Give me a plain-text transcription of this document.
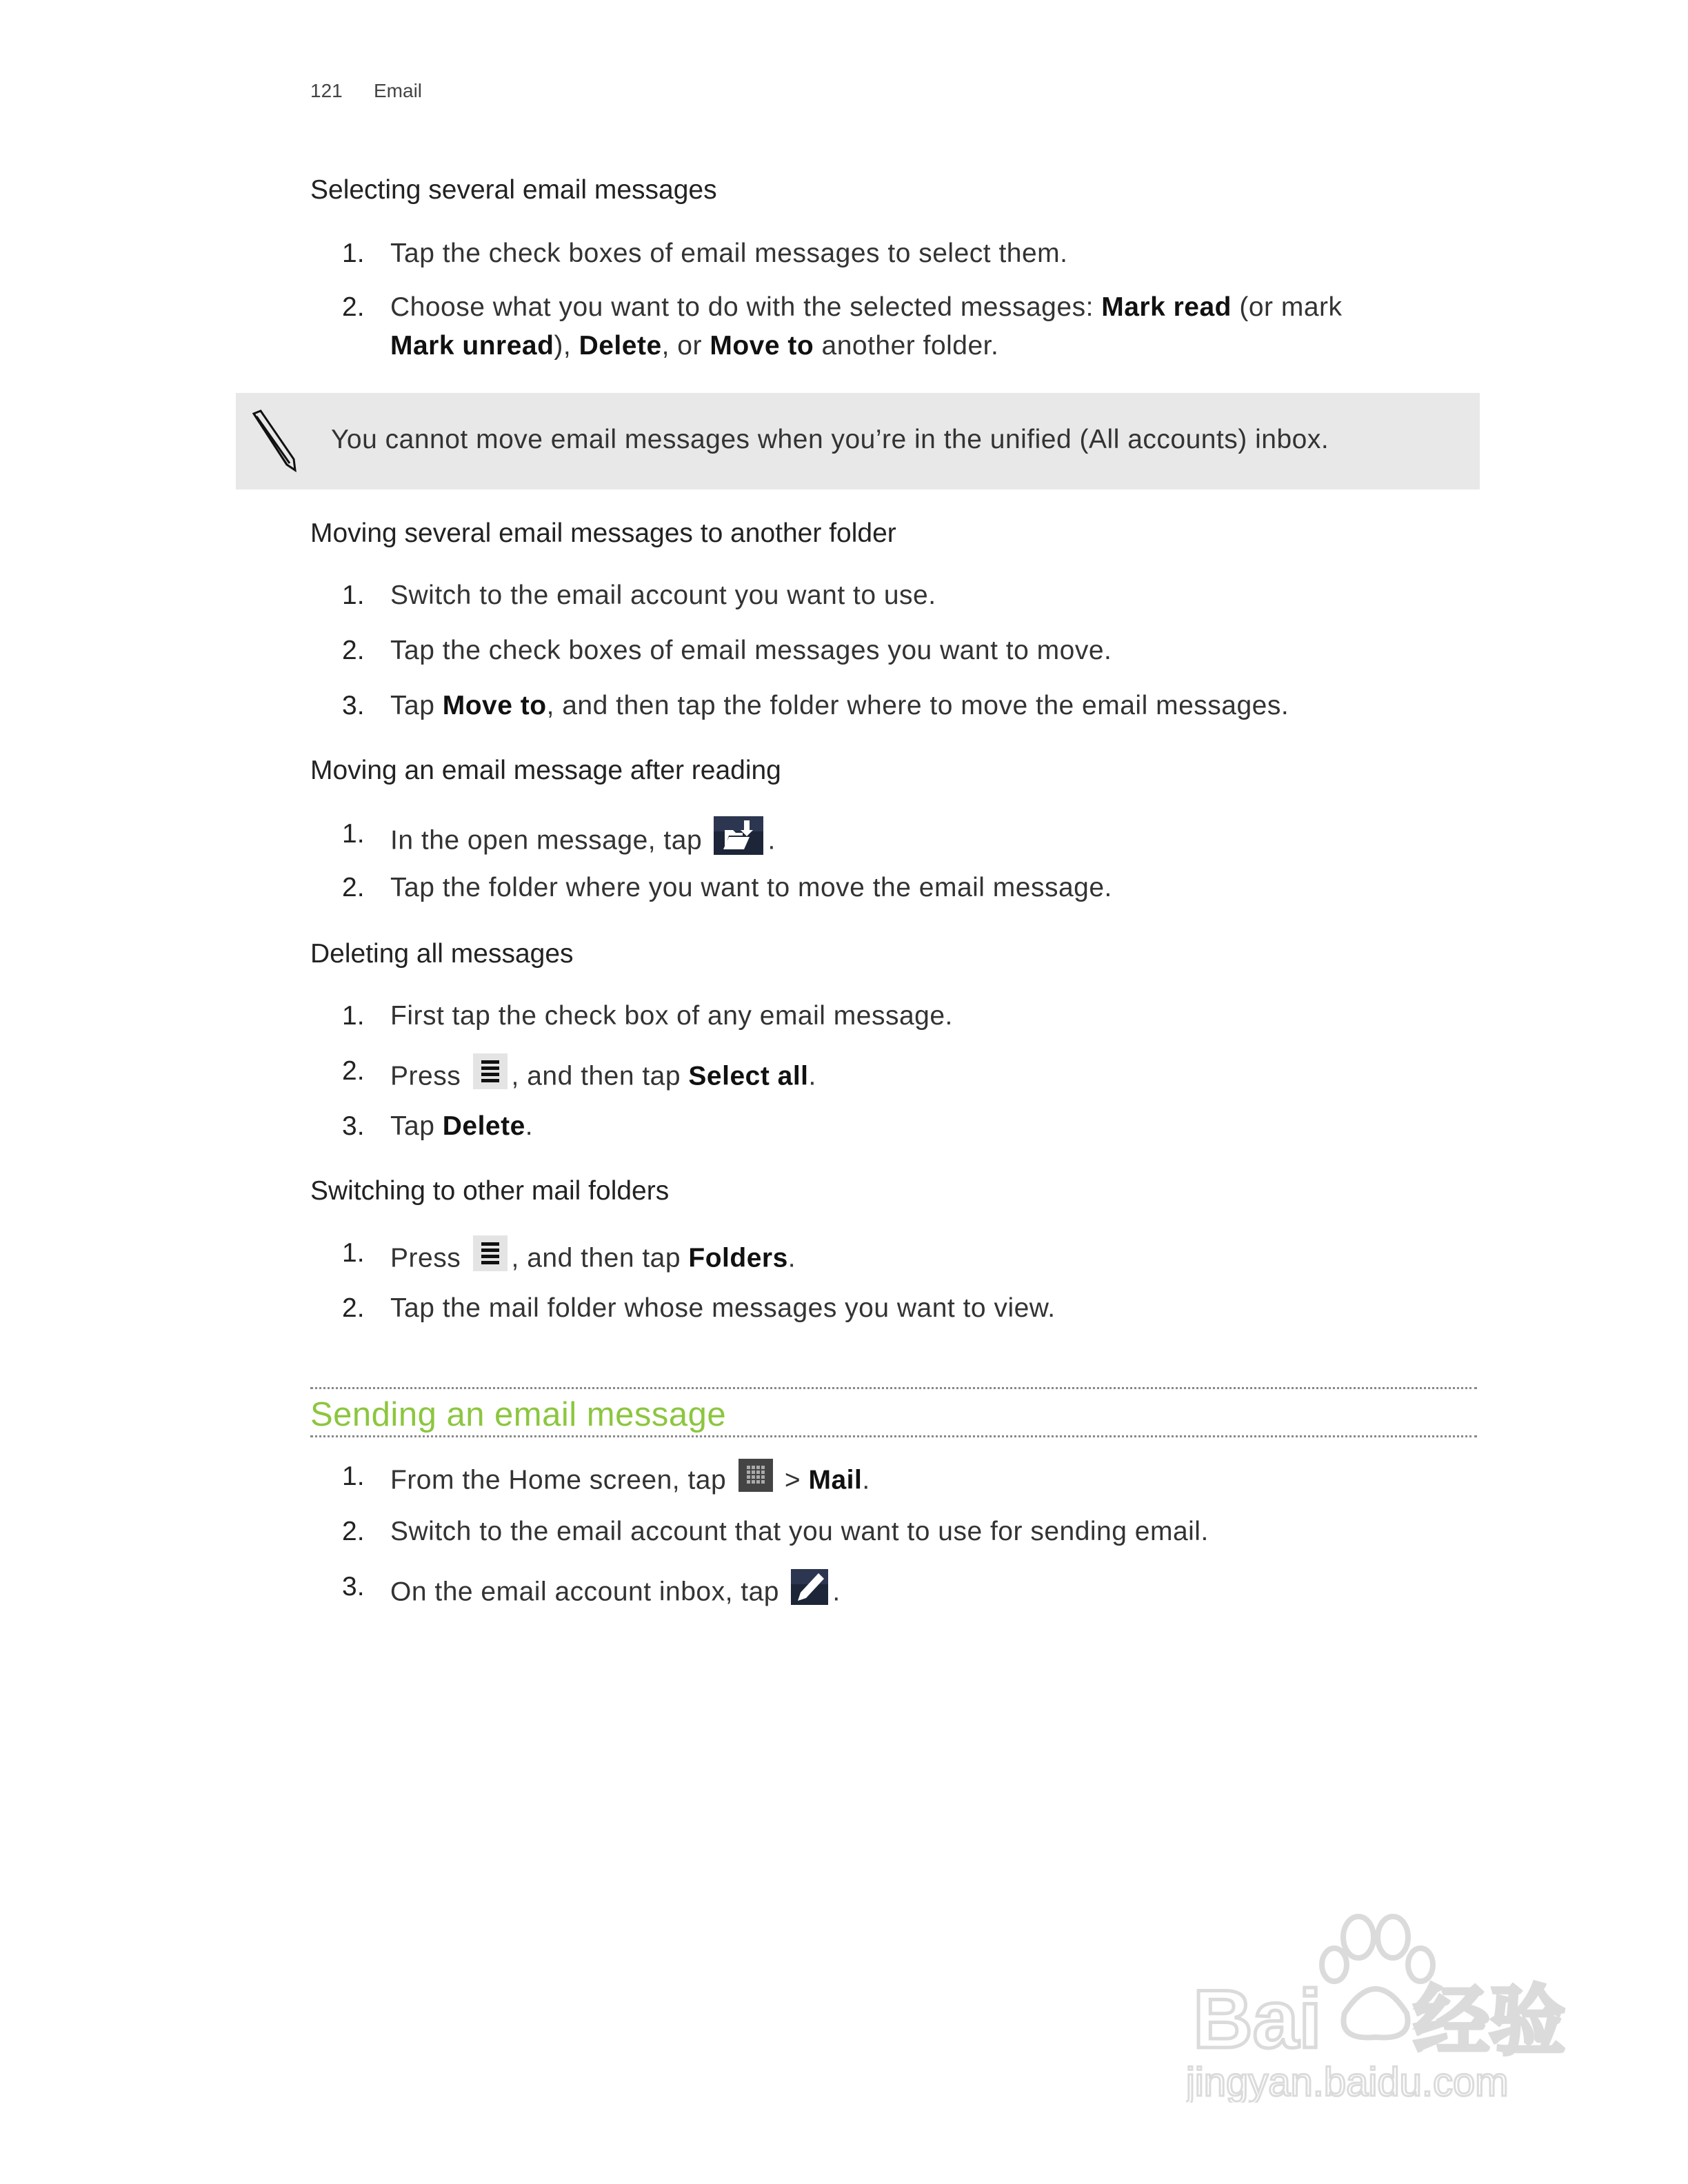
121 Email
You cannot move email messages when you’re in the unified (All accounts) inbox.
Selecting several email messages
1. Tap the check boxes of email messages to select them.
2. Choose what you want to do with the selected messages: Mark read (or mark
Mark unread), Delete, or Move to another folder.
Moving several email messages to another folder
1. Switch to the email account you want to use.
2. Tap the check boxes of email messages you want to move.
3. Tap Move to, and then tap the folder where to move the email messages.
Moving an email message after reading
1. In the open message, tap .
2. Tap the folder where you want to move the email message.
Deleting all messages
1. First tap the check box of any email message.
2. Press , and then tap Select all.
3. Tap Delete.
Switching to other mail folders
1. Press , and then tap Folders.
2. Tap the mail folder whose messages you want to view.
1. From the Home screen, tap  > Mail.
2. Switch to the email account that you want to use for sending email.
3. On the email account inbox, tap .
Sending an email message
Bai 经验
jingyan.baidu.com
